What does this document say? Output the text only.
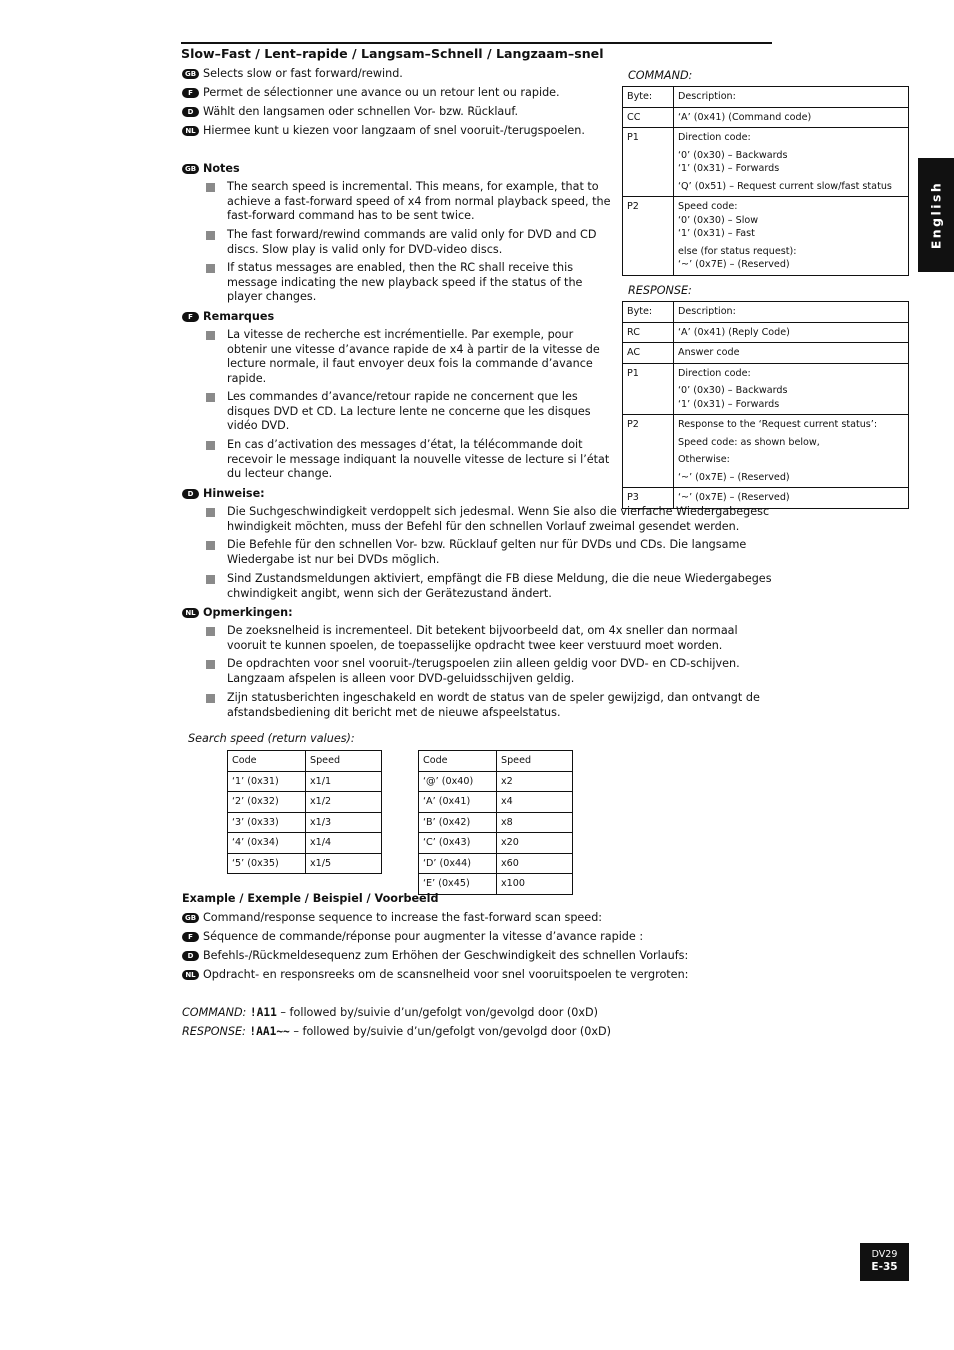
Slow–Fast / Lent–rapide / Langsam–Schnell / Langzaam–snel
GB Selects slow or fast forward/rewind.
F Permet de sélectionner une avance ou un retour lent ou rapide.
D Wählt den langsamen oder schnellen Vor- bzw. Rücklauf.
NL Hiermee kunt u kiezen voor langzaam of snel vooruit-/terugspoelen.
GB Notes
The search speed is incremental. This means, for example, that to
achieve a fast-forward speed of x4 from normal playback speed, the
fast-forward command has to be sent twice.
The fast forward/rewind commands are valid only for DVD and CD
discs. Slow play is valid only for DVD-video discs.
If status messages are enabled, then the RC shall receive this
message indicating the new playback speed if the status of the
player changes.
F Remarques
La vitesse de recherche est incrémentielle. Par exemple, pour
obtenir une vitesse d’avance rapide de x4 à partir de la vitesse de
lecture normale, il faut envoyer deux fois la commande d’avance
rapide.
Les commandes d’avance/retour rapide ne concernent que les
disques DVD et CD. La lecture lente ne concerne que les disques
vidéo DVD.
En cas d’activation des messages d’état, la télécommande doit
recevoir le message indiquant la nouvelle vitesse de lecture si l’état
du lecteur change.
D Hinweise:
Die Suchgeschwindigkeit verdoppelt sich jedesmal. Wenn Sie also die vierfache Wiedergabegesc
hwindigkeit möchten, muss der Befehl für den schnellen Vorlauf zweimal gesendet werden.
Die Befehle für den schnellen Vor- bzw. Rücklauf gelten nur für DVDs und CDs. Die langsame
Wiedergabe ist nur bei DVDs möglich.
Sind Zustandsmeldungen aktiviert, empfängt die FB diese Meldung, die die neue Wiedergabeges
chwindigkeit angibt, wenn sich der Gerätezustand ändert.
NL Opmerkingen:
De zoeksnelheid is incrementeel. Dit betekent bijvoorbeeld dat, om 4x sneller dan normaal
vooruit te kunnen spoelen, de toepasselijke opdracht twee keer verstuurd moet worden.
De opdrachten voor snel vooruit-/terugspoelen ziin alleen geldig voor DVD- en CD-schijven.
Langzaam afspelen is alleen voor DVD-geluidsschijven geldig.
Zijn statusberichten ingeschakeld en wordt de status van de speler gewijzigd, dan ontvangt de
afstandsbediening dit bericht met de nieuwe afspeelstatus.
COMMAND:
Byte:	Description:

CC	‘A’ (0x41) (Command code)

P1	Direction code:
‘0’ (0x30) – Backwards
‘1’ (0x31) – Forwards
‘Q’ (0x51) – Request current slow/fast status

P2	Speed code:
‘0’ (0x30) – Slow
‘1’ (0x31) – Fast
else (for status request):
‘~’ (0x7E) – (Reserved)
RESPONSE:
Byte:	Description:

RC	‘A’ (0x41) (Reply Code)

AC	Answer code

P1	Direction code:
‘0’ (0x30) – Backwards
‘1’ (0x31) – Forwards

P2	Response to the ‘Request current status’:
Speed code: as shown below,
Otherwise:
‘~’ (0x7E) – (Reserved)

P3	‘~’ (0x7E) – (Reserved)
Search speed (return values):
Code	Speed
‘1’ (0x31)	x1/1
‘2’ (0x32)	x1/2
‘3’ (0x33)	x1/3
‘4’ (0x34)	x1/4
‘5’ (0x35)	x1/5
Code	Speed
‘@’ (0x40)	x2
‘A’ (0x41)	x4
‘B’ (0x42)	x8
‘C’ (0x43)	x20
‘D’ (0x44)	x60
‘E’ (0x45)	x100
Example / Exemple / Beispiel / Voorbeeld
GB Command/response sequence to increase the fast-forward scan speed:
F Séquence de commande/réponse pour augmenter la vitesse d’avance rapide :
D Befehls-/Rückmeldesequenz zum Erhöhen der Geschwindigkeit des schnellen Vorlaufs:
NL Opdracht- en responsreeks om de scansnelheid voor snel vooruitspoelen te vergroten:
COMMAND: !A11 – followed by/suivie d’un/gefolgt von/gevolgd door (0xD)
RESPONSE: !AA1~~ – followed by/suivie d’un/gefolgt von/gevolgd door (0xD)
English
DV29
E-35
